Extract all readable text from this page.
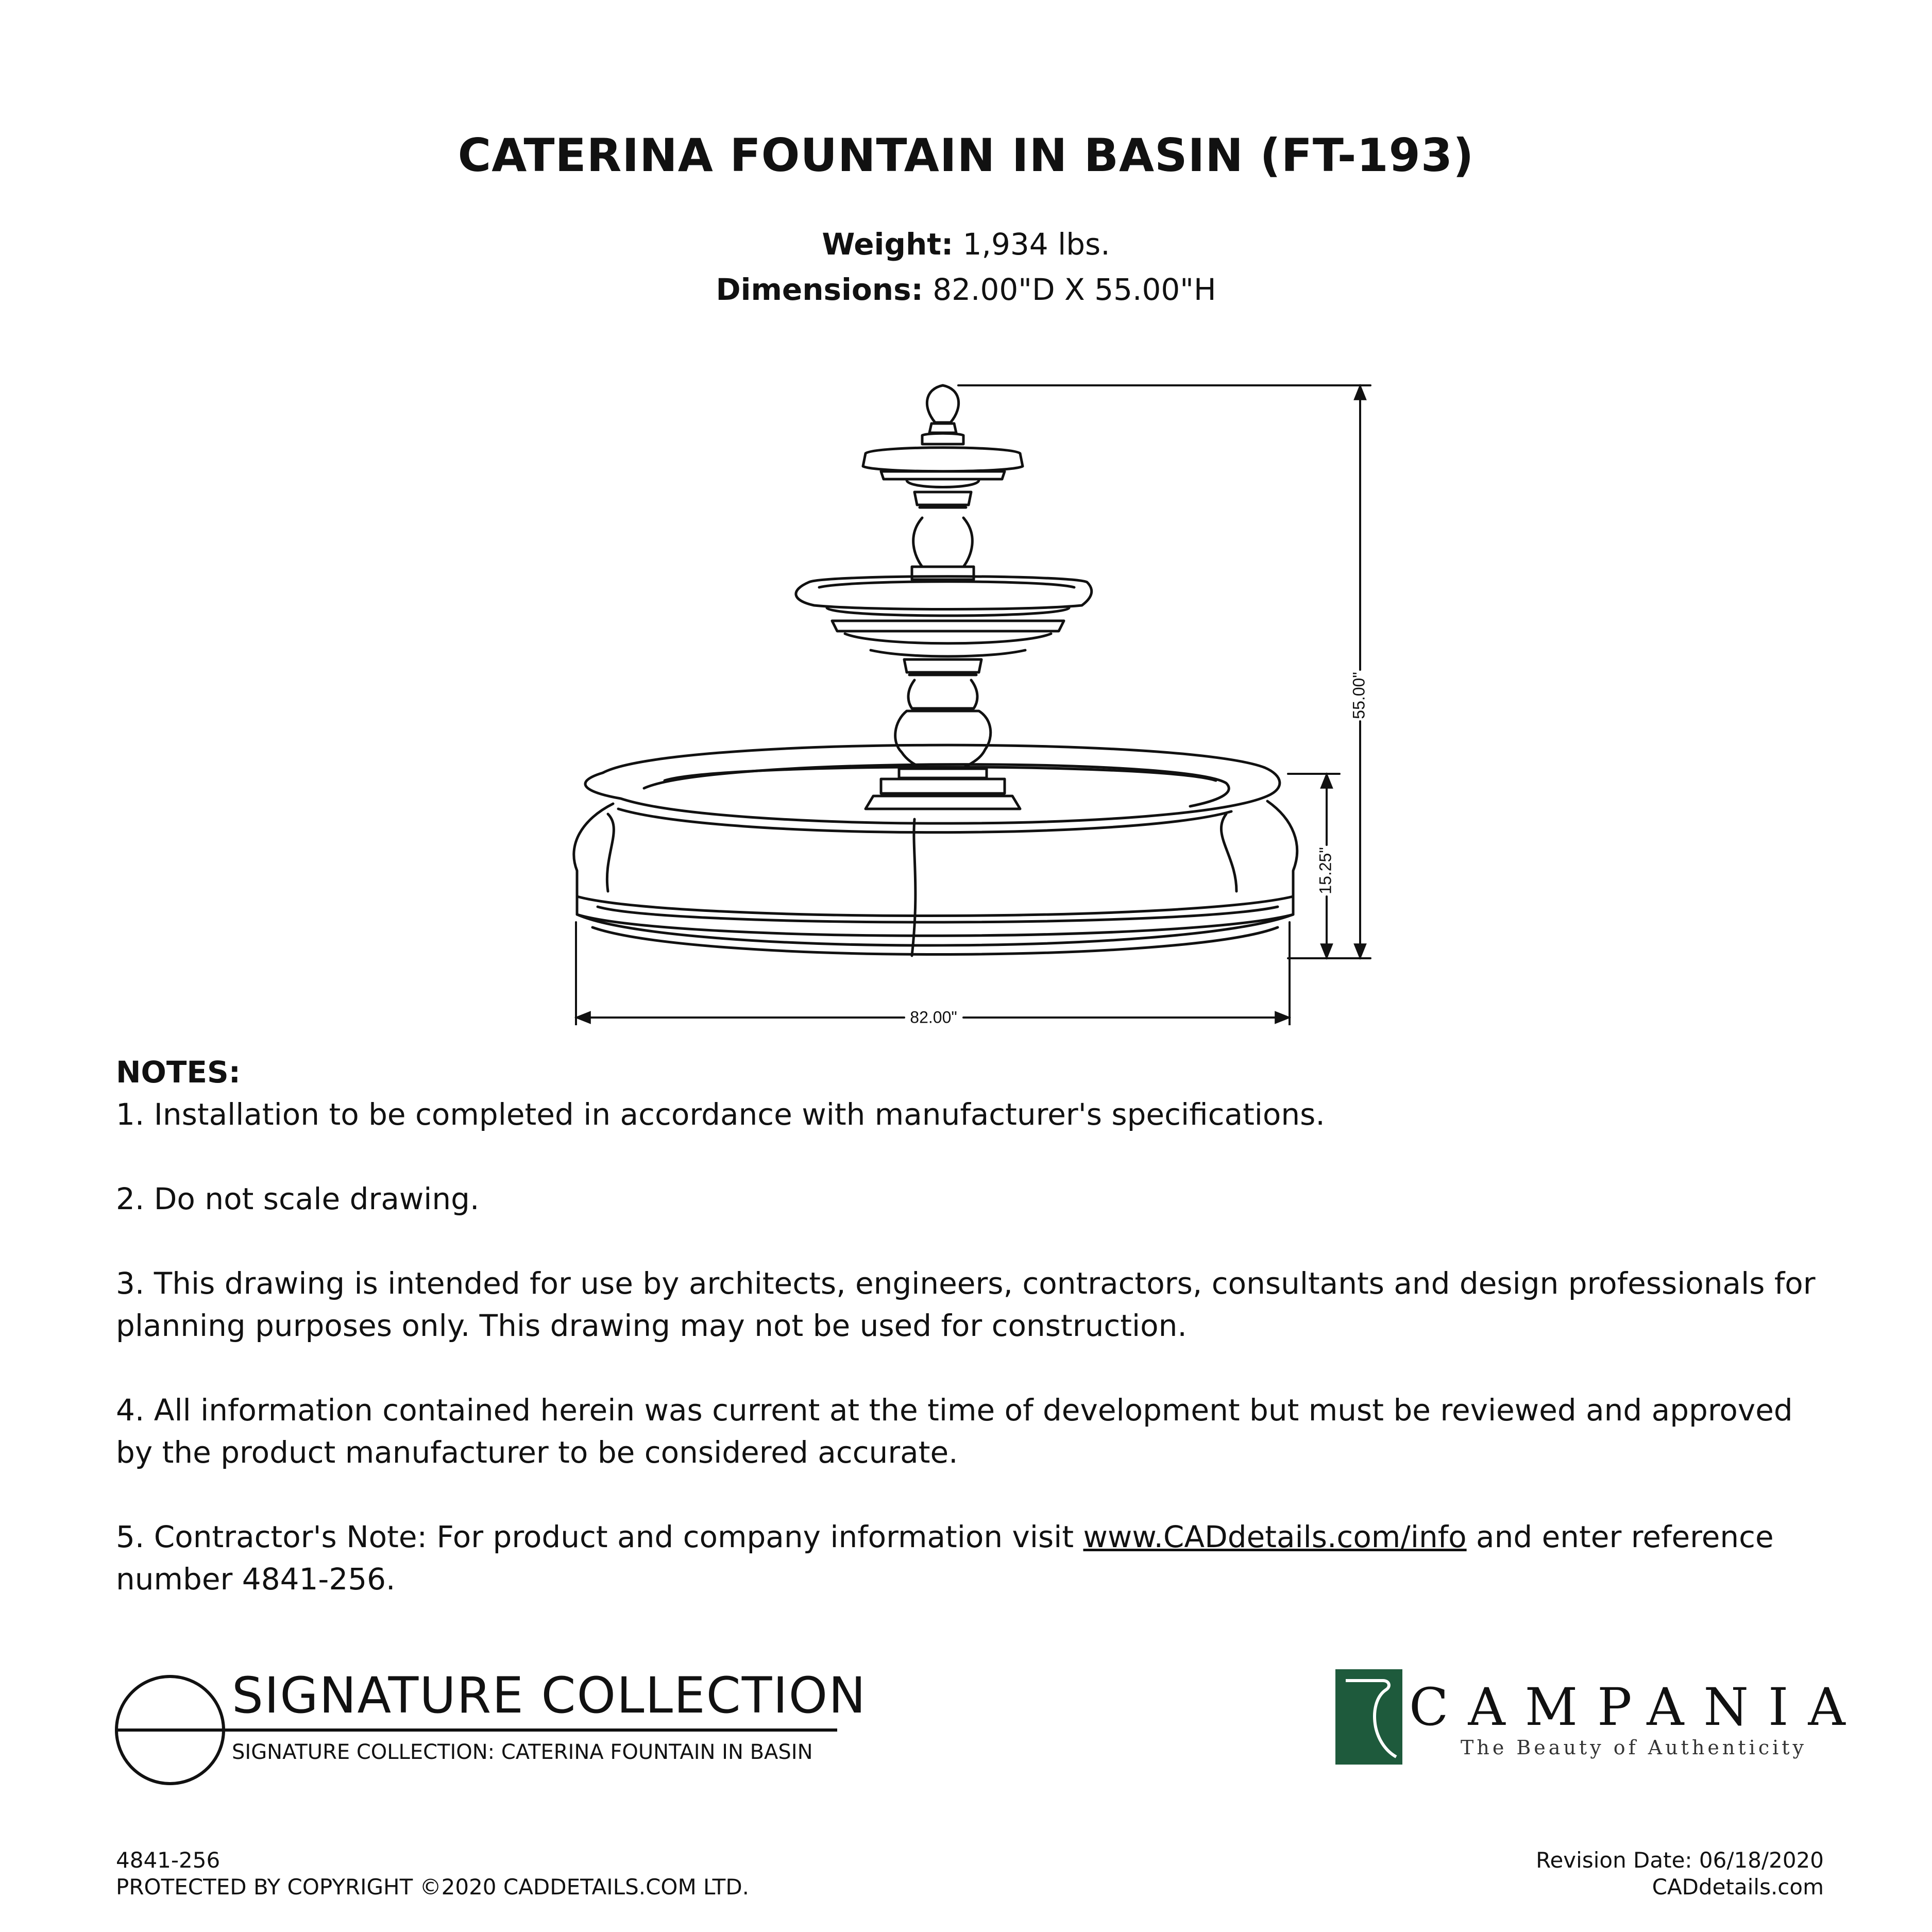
CATERINA FOUNTAIN IN BASIN (FT-193)
Weight: 1,934 lbs.
Dimensions: 82.00"D X 55.00"H
55.00"
15.25"
82.00"
NOTES:

1. Installation to be completed in accordance with manufacturer's specifications.

2. Do not scale drawing.

3. This drawing is intended for use by architects, engineers, contractors, consultants and design professionals for planning purposes only. This drawing may not be used for construction.

4. All information contained herein was current at the time of development but must be reviewed and approved by the product manufacturer to be considered accurate.

5. Contractor's Note: For product and company information visit www.CADdetails.com/info and enter reference number 4841-256.

SIGNATURE COLLECTION
SIGNATURE COLLECTION: CATERINA FOUNTAIN IN BASIN
CAMPANIA
The Beauty of Authenticity
4841-256
PROTECTED BY COPYRIGHT ©2020 CADDETAILS.COM LTD.
Revision Date: 06/18/2020
CADdetails.com
